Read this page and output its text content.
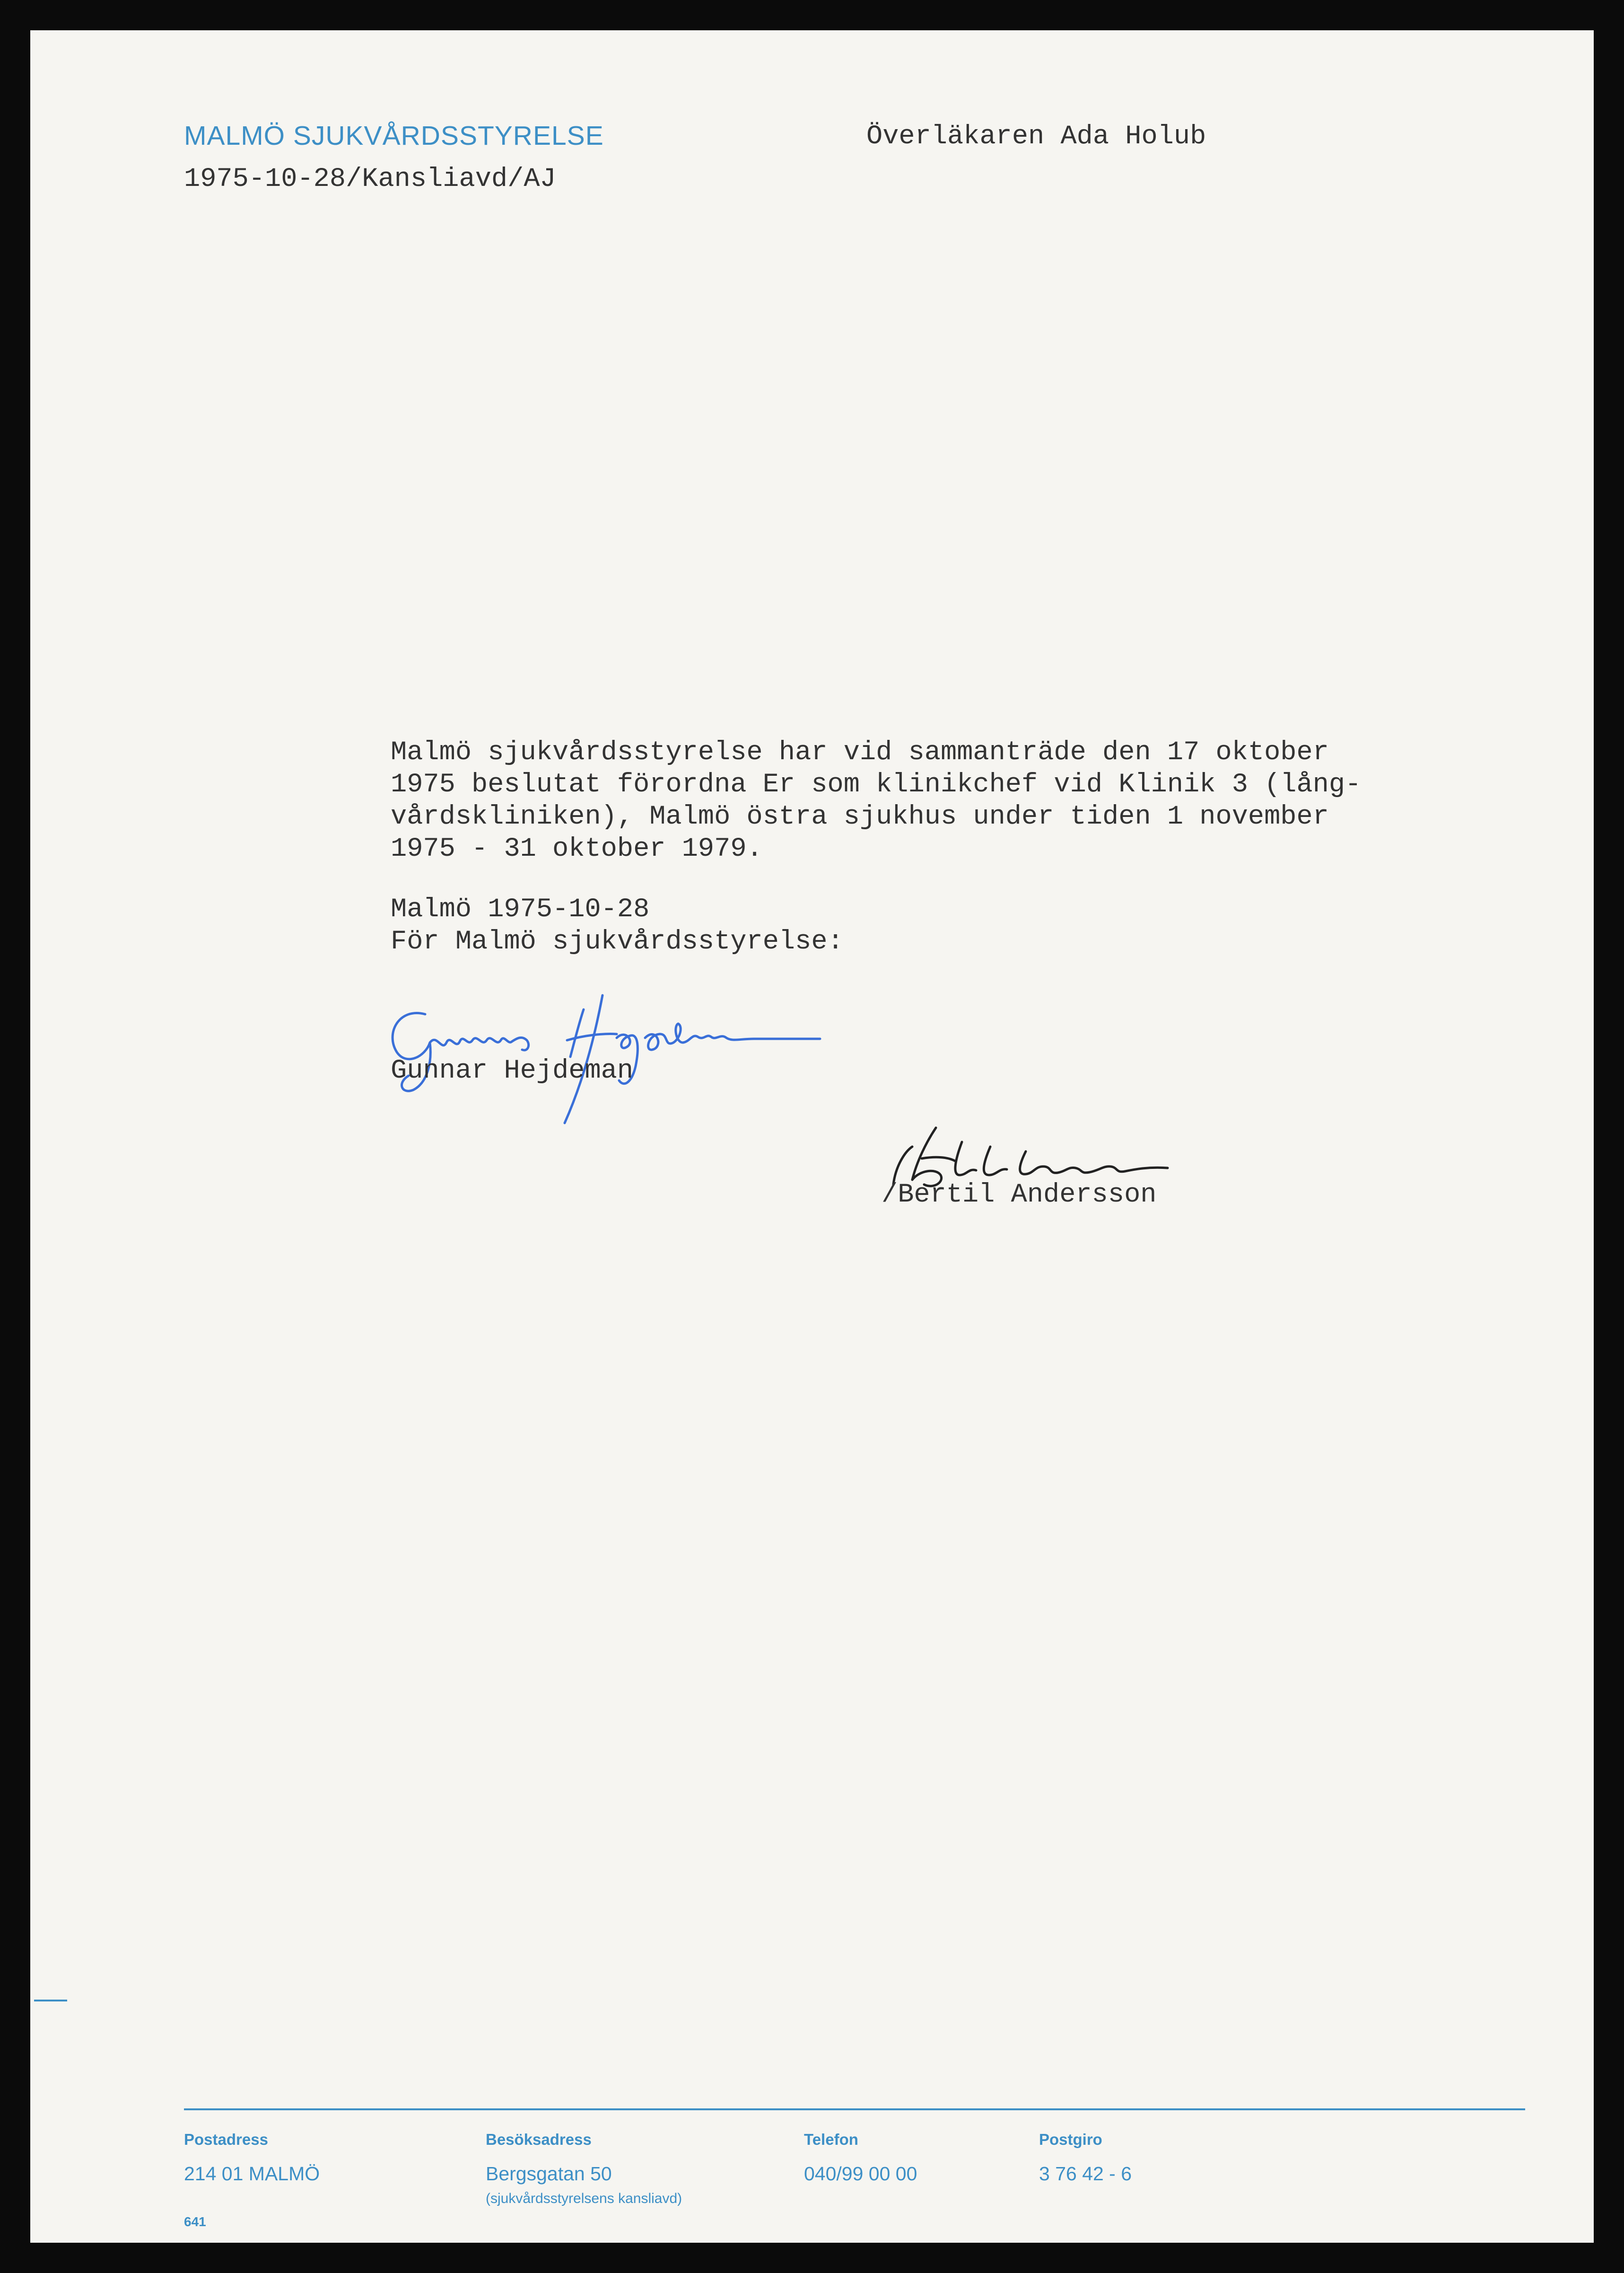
MALMÖ SJUKVÅRDSSTYRELSE
1975-10-28/Kansliavd/AJ
Överläkaren Ada Holub

Malmö sjukvårdsstyrelse har vid sammanträde den 17 oktober

1975 beslutat förordna Er som klinikchef vid Klinik 3 (lång-

vårdskliniken), Malmö östra sjukhus under tiden 1 november

1975 - 31 oktober 1979.

Malmö 1975-10-28
För Malmö sjukvårdsstyrelse:
Gunnar Hejdeman
/Bertil Andersson
Postadress
214 01 MALMÖ
Besöksadress
Bergsgatan 50
(sjukvårdsstyrelsens kansliavd)
Telefon
040/99 00 00
Postgiro
3 76 42 - 6
641
